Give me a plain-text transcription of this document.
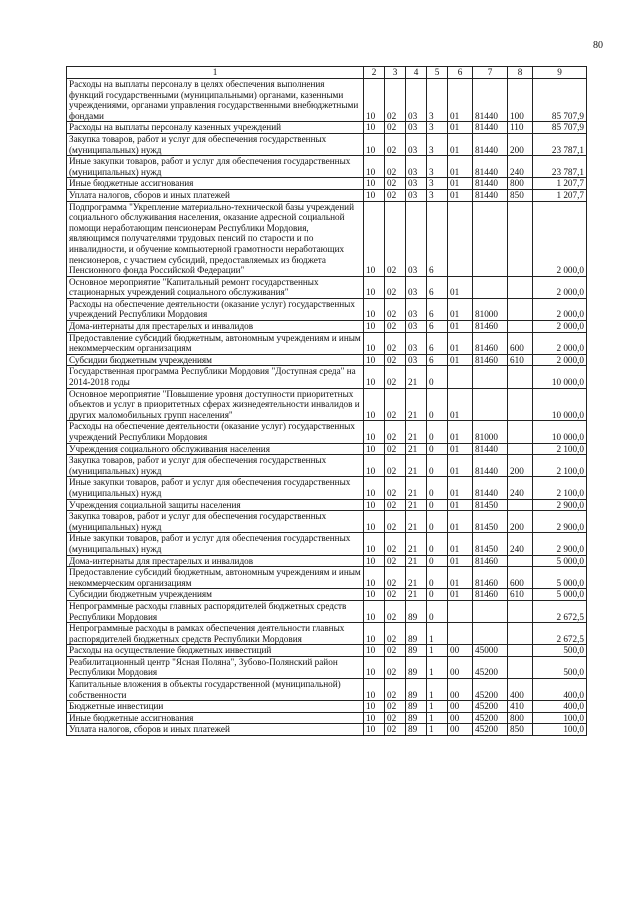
80
1	2	3	4	5	6	7	8	9
Расходы на выплаты персоналу в целях обеспечения выполнения функций государственными (муниципальными) органами, казенными учреждениями, органами управления государственными внебюджетными фондами	10	02	03	3	01	81440	100	85 707,9
Расходы на выплаты персоналу казенных учреждений	10	02	03	3	01	81440	110	85 707,9
Закупка товаров, работ и услуг для обеспечения государственных (муниципальных) нужд	10	02	03	3	01	81440	200	23 787,1
Иные закупки товаров, работ и услуг для обеспечения государственных (муниципальных) нужд	10	02	03	3	01	81440	240	23 787,1
Иные бюджетные ассигнования	10	02	03	3	01	81440	800	1 207,7
Уплата налогов, сборов и иных платежей	10	02	03	3	01	81440	850	1 207,7
Подпрограмма "Укрепление материально-технической базы учреждений социального обслуживания населения, оказание адресной социальной помощи неработающим пенсионерам Республики Мордовия, являющимся получателями трудовых пенсий по старости и по инвалидности, и обучение компьютерной грамотности неработающих пенсионеров, с участием субсидий, предоставляемых из бюджета Пенсионного фонда Российской Федерации"	10	02	03	6				2 000,0
Основное мероприятие "Капитальный ремонт государственных стационарных учреждений социального обслуживания"	10	02	03	6	01			2 000,0
Расходы на обеспечение деятельности (оказание услуг) государственных учреждений Республики Мордовия	10	02	03	6	01	81000		2 000,0
Дома-интернаты для престарелых и инвалидов	10	02	03	6	01	81460		2 000,0
Предоставление субсидий бюджетным, автономным учреждениям и иным некоммерческим организациям	10	02	03	6	01	81460	600	2 000,0
Субсидии бюджетным учреждениям	10	02	03	6	01	81460	610	2 000,0
Государственная программа Республики Мордовия "Доступная среда" на 2014-2018 годы	10	02	21	0				10 000,0
Основное мероприятие "Повышение уровня доступности приоритетных объектов и услуг в приоритетных сферах жизнедеятельности инвалидов и других маломобильных групп населения"	10	02	21	0	01			10 000,0
Расходы на обеспечение деятельности (оказание услуг) государственных учреждений Республики Мордовия	10	02	21	0	01	81000		10 000,0
Учреждения социального обслуживания населения	10	02	21	0	01	81440		2 100,0
Закупка товаров, работ и услуг для обеспечения государственных (муниципальных) нужд	10	02	21	0	01	81440	200	2 100,0
Иные закупки товаров, работ и услуг для обеспечения государственных (муниципальных) нужд	10	02	21	0	01	81440	240	2 100,0
Учреждения социальной защиты населения	10	02	21	0	01	81450		2 900,0
Закупка товаров, работ и услуг для обеспечения государственных (муниципальных) нужд	10	02	21	0	01	81450	200	2 900,0
Иные закупки товаров, работ и услуг для обеспечения государственных (муниципальных) нужд	10	02	21	0	01	81450	240	2 900,0
Дома-интернаты для престарелых и инвалидов	10	02	21	0	01	81460		5 000,0
Предоставление субсидий бюджетным, автономным учреждениям и иным некоммерческим организациям	10	02	21	0	01	81460	600	5 000,0
Субсидии бюджетным учреждениям	10	02	21	0	01	81460	610	5 000,0
Непрограммные расходы главных распорядителей бюджетных средств Республики Мордовия	10	02	89	0				2 672,5
Непрограммные расходы в рамках обеспечения деятельности главных распорядителей бюджетных средств Республики Мордовия	10	02	89	1				2 672,5
Расходы на осуществление бюджетных инвестиций	10	02	89	1	00	45000		500,0
Реабилитационный центр "Ясная Поляна", Зубово-Полянский район Республики Мордовия	10	02	89	1	00	45200		500,0
Капитальные вложения в объекты государственной (муниципальной) собственности	10	02	89	1	00	45200	400	400,0
Бюджетные инвестиции	10	02	89	1	00	45200	410	400,0
Иные бюджетные ассигнования	10	02	89	1	00	45200	800	100,0
Уплата налогов, сборов и иных платежей	10	02	89	1	00	45200	850	100,0
